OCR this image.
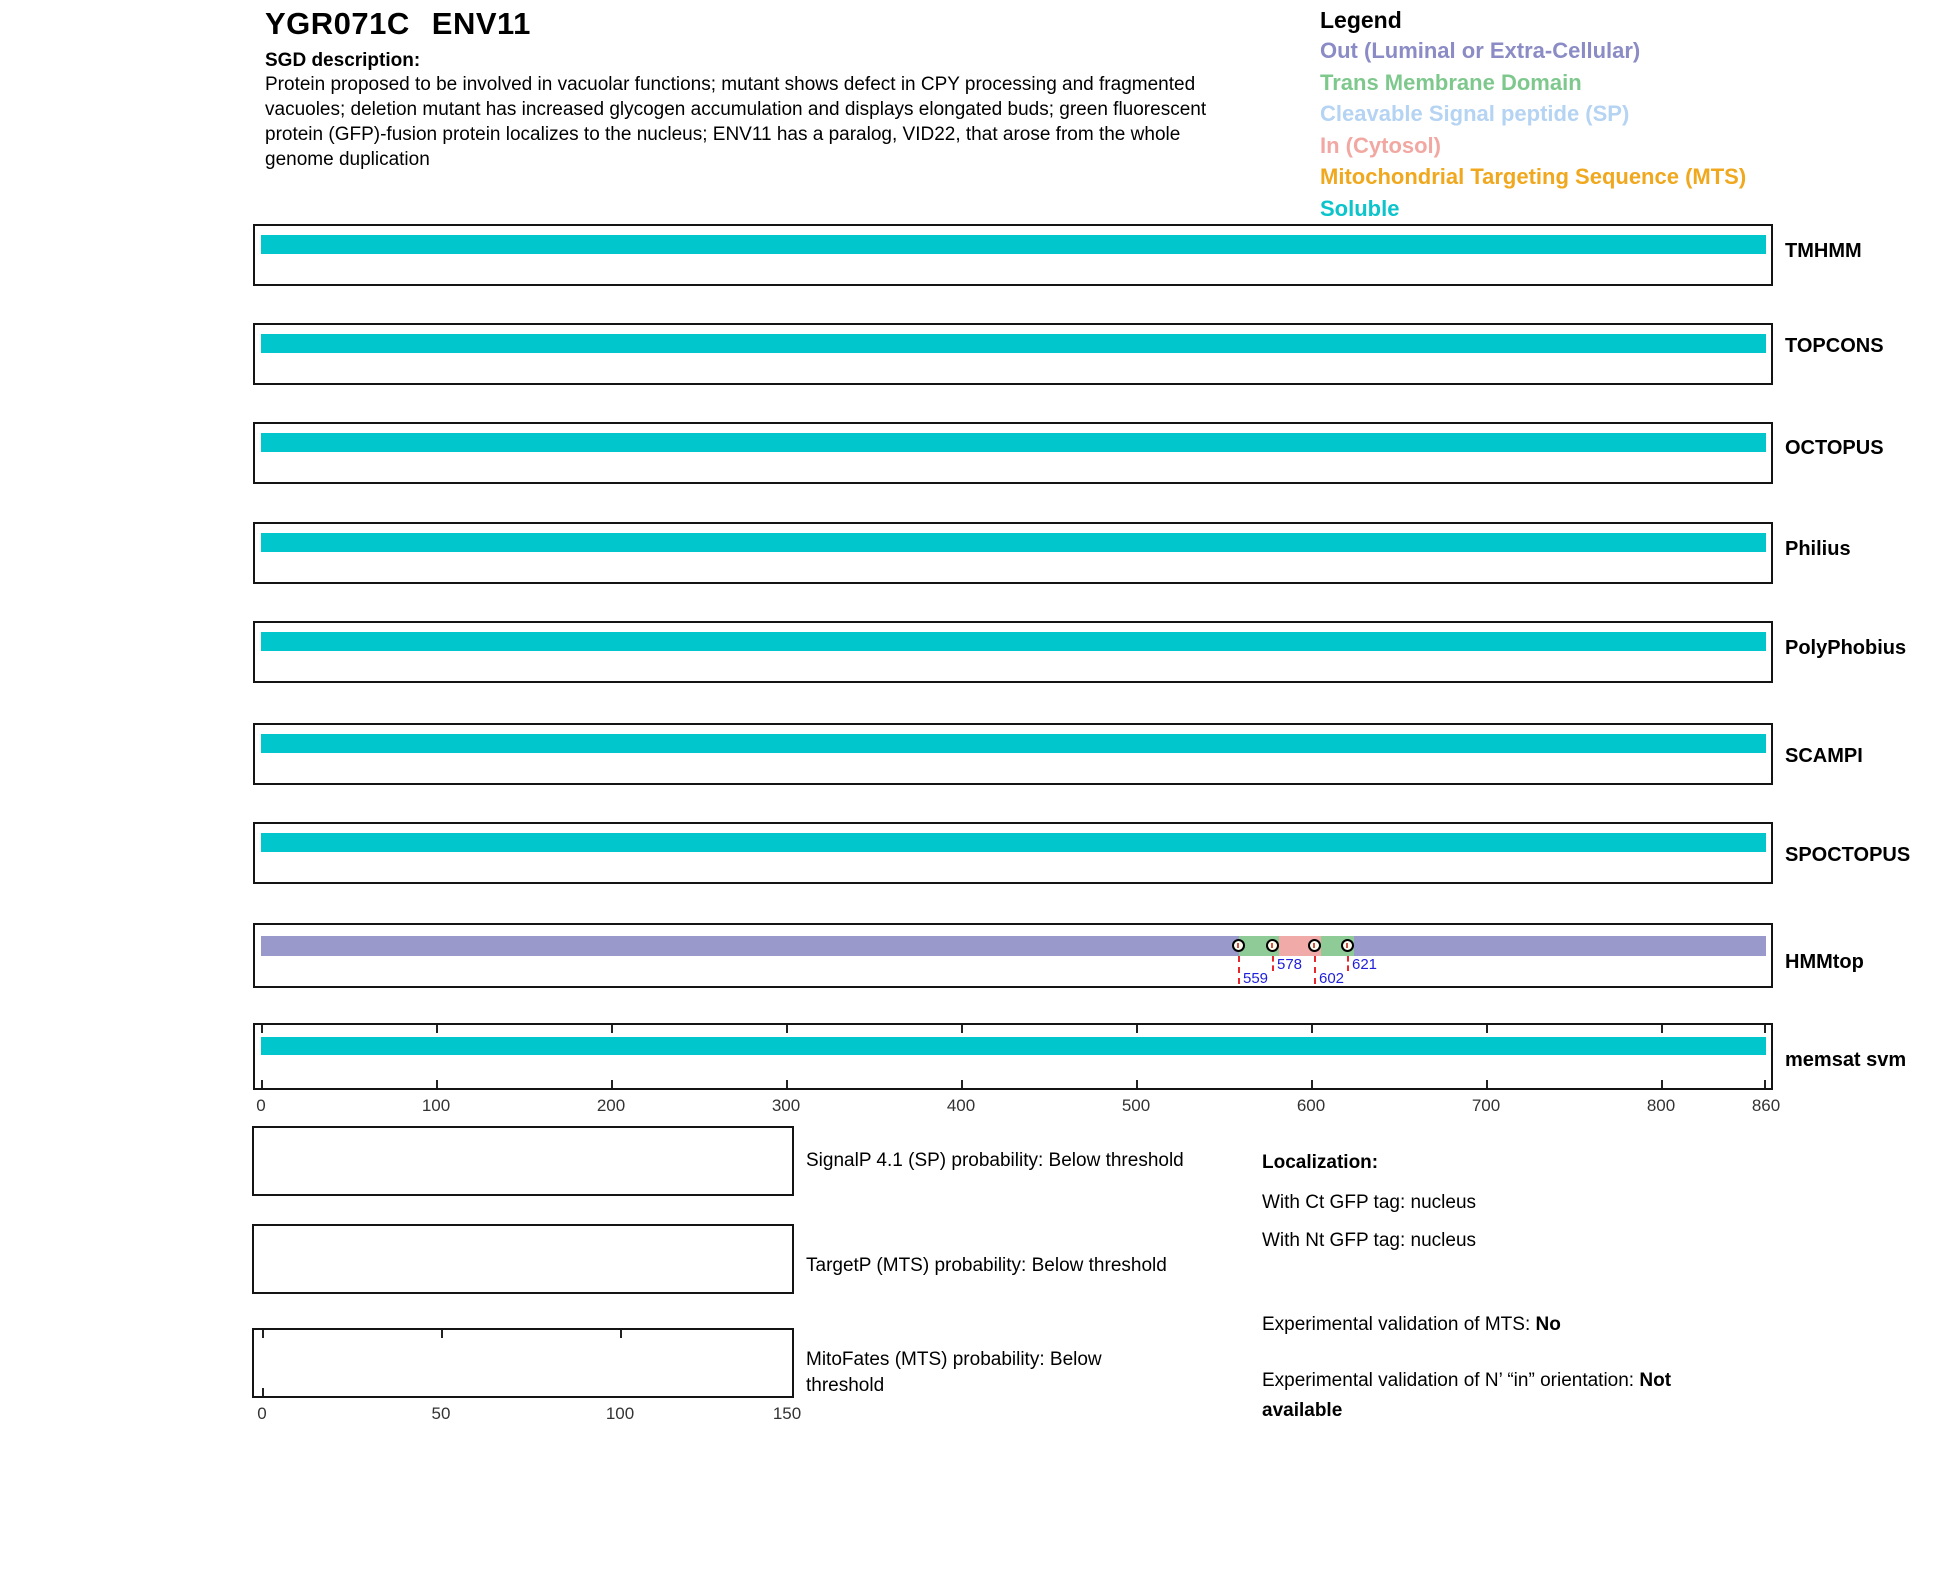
YGR071C ENV11
SGD description:
Protein proposed to be involved in vacuolar functions; mutant shows defect in CPY processing and fragmented vacuoles; deletion mutant has increased glycogen accumulation and displays elongated buds; green fluorescent protein (GFP)-fusion protein localizes to the nucleus; ENV11 has a paralog, VID22, that arose from the whole genome duplication
Legend
Out (Luminal or Extra-Cellular)
Trans Membrane Domain
Cleavable Signal peptide (SP)
In (Cytosol)
Mitochondrial Targeting Sequence (MTS)
Soluble
TMHMM
TOPCONS
OCTOPUS
Philius
PolyPhobius
SCAMPI
SPOCTOPUS
559
578
602
621	HMMtop
memsat svm
0	100	200	300	400	500	600	700	800	860
SignalP 4.1 (SP) probability: Below threshold
TargetP (MTS) probability: Below threshold
MitoFates (MTS) probability: Below threshold
0	50	100	150
Localization:
With Ct GFP tag: nucleus
With Nt GFP tag: nucleus
Experimental validation of MTS: No
Experimental validation of N’ “in” orientation: Not
available
